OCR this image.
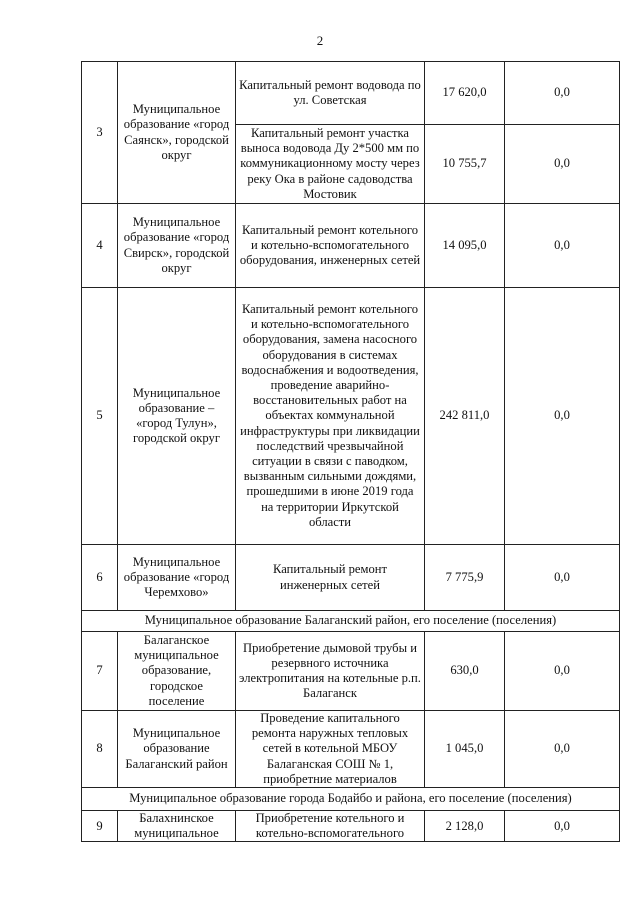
2
3	Муниципальное образование «город Саянск», городской округ	Капитальный ремонт водовода по ул. Советская	17 620,0	0,0
		Капитальный ремонт участка выноса водовода Ду 2*500 мм по коммуникационному мосту через реку Ока в районе садоводства Мостовик	10 755,7	0,0
4	Муниципальное образование «город Свирск», городской округ	Капитальный ремонт котельного и котельно-вспомогательного оборудования, инженерных сетей	14 095,0	0,0
5	Муниципальное образование – «город Тулун», городской округ	Капитальный ремонт котельного и котельно-вспомогательного оборудования, замена насосного оборудования в системах водоснабжения и водоотведения, проведение аварийно-восстановительных работ на объектах коммунальной инфраструктуры при ликвидации последствий чрезвычайной ситуации в связи с паводком, вызванным сильными дождями, прошедшими в июне 2019 года на территории Иркутской области	242 811,0	0,0
6	Муниципальное образование «город Черемхово»	Капитальный ремонт инженерных сетей	7 775,9	0,0
Муниципальное образование Балаганский район, его поселение (поселения)				
7	Балаганское муниципальное образование, городское поселение	Приобретение дымовой трубы и резервного источника электропитания на котельные р.п. Балаганск	630,0	0,0
8	Муниципальное образование Балаганский район	Проведение капитального ремонта наружных тепловых сетей в котельной МБОУ Балаганская СОШ № 1, приобретние материалов	1 045,0	0,0
Муниципальное образование города Бодайбо и района, его поселение (поселения)				
9	Балахнинское муниципальное	Приобретение котельного и котельно-вспомогательного	2 128,0	0,0
